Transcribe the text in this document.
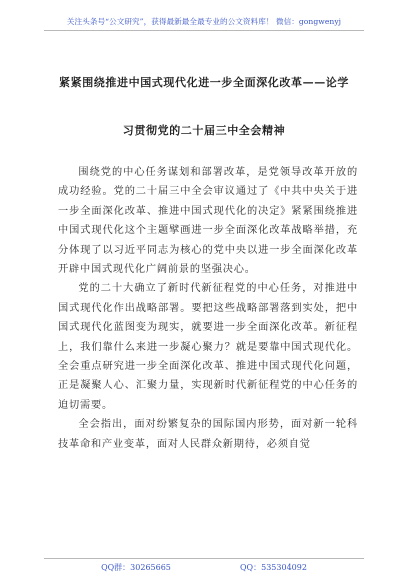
关注头条号“公文研究”，获得最新最全最专业的公文资料库！ 微信：gongwenyj
紧紧围绕推进中国式现代化进一步全面深化改革——论学
习贯彻党的二十届三中全会精神

围绕党的中心任务谋划和部署改革，是党领导改革开放的成功经验。党的二十届三中全会审议通过了《中共中央关于进一步全面深化改革、推进中国式现代化的决定》紧紧围绕推进中国式现代化这个主题擘画进一步全面深化改革战略举措，充分体现了以习近平同志为核心的党中央以进一步全面深化改革开辟中国式现代化广阔前景的坚强决心。

党的二十大确立了新时代新征程党的中心任务，对推进中国式现代化作出战略部署。要把这些战略部署落到实处，把中国式现代化蓝图变为现实，就要进一步全面深化改革。新征程上，我们靠什么来进一步凝心聚力？就是要靠中国式现代化。全会重点研究进一步全面深化改革、推进中国式现代化问题，正是凝聚人心、汇聚力量，实现新时代新征程党的中心任务的迫切需要。

全会指出，面对纷繁复杂的国际国内形势，面对新一轮科技革命和产业变革，面对人民群众新期待，必须自觉

QQ群：30265665	QQ：535304092
